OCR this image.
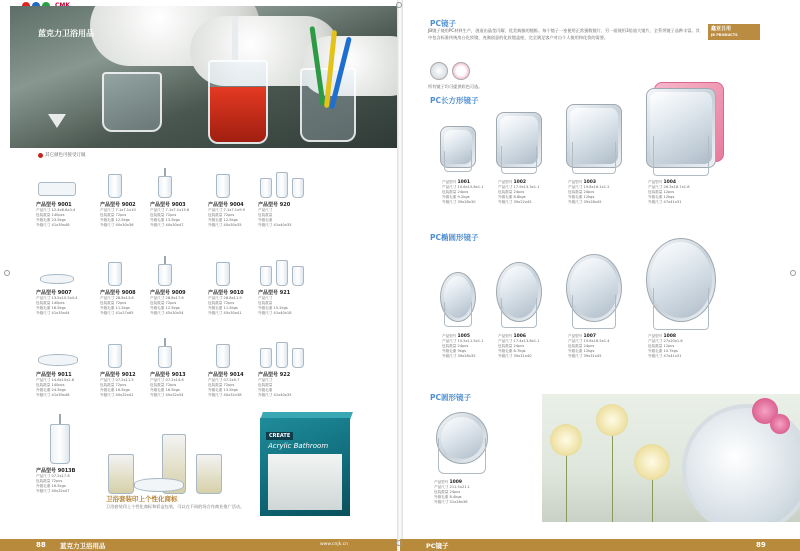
蓝克力卫浴用品
其它颜色可接受订做
产品型号 9001
产品尺寸 12.4x8.6x3.4
包装数量 140pcs
外箱毛重 23.5kgs
外箱尺寸 41x39x48
产品型号 9002
产品尺寸 7.1x7.1x10
包装数量 72pcs
外箱毛重 12.5kgs
外箱尺寸 40x30x36
产品型号 9003
产品尺寸 7.1x7.1x15.6
包装数量 72pcs
外箱毛重 13.5kgs
外箱尺寸 40x30x47
产品型号 9004
产品尺寸 7.1x7.1x9.9
包装数量 72pcs
外箱毛重 12.5kgs
外箱尺寸 40x30x35
产品型号 920
产品尺寸
包装数量
外箱毛重
外箱尺寸 41x40x35
产品型号 9007
产品尺寸 13.5x10.5x4.4
包装数量 140pcs
外箱毛重 16.5kgs
外箱尺寸 41x35x44
产品型号 9008
产品尺寸 28.8x13.6
包装数量 72pcs
外箱毛重 11.2kgs
外箱尺寸 41x27x65
产品型号 9009
产品尺寸 28.8x17.6
包装数量 72pcs
外箱毛重 12.5kgs
外箱尺寸 45x30x54
产品型号 9010
产品尺寸 28.8x11.9
包装数量 72pcs
外箱毛重 11.5kgs
外箱尺寸 45x30x41
产品型号 921
产品尺寸
包装数量
外箱毛重 15.2kgs
外箱尺寸 41x40x18
产品型号 9011
产品尺寸 14.6x10x2.6
包装数量 140pcs
外箱毛重 24.5kgs
外箱尺寸 41x39x48
产品型号 9012
产品尺寸 07.2x11.5
包装数量 72pcs
外箱毛重 16.5kgs
外箱尺寸 40x32x41
产品型号 9013
产品尺寸 07.2x14.6
包装数量 72pcs
外箱毛重 16.5kgs
外箱尺寸 40x32x54
产品型号 9014
产品尺寸 07.2x9.7
包装数量 72pcs
外箱毛重 13.5kgs
外箱尺寸 40x32x38
产品型号 922
产品尺寸
包装数量
外箱毛重
外箱尺寸 41x40x35
产品型号 9013B
产品尺寸 07.2x17.8
包装数量 72pcs
外箱毛重 16.5kgs
外箱尺寸 40x32x47
CREATE
Acrylic Bathroom
卫浴套装印上个性化商标
卫浴套装印上个性化商标和彩盒包装，可以在不同的场合作商业推广活动。
88 蓝克力卫浴用品	www.cnjk.cn
PC镜子
JB镜子使用PC材料生产，创造出晶莹闪耀、优美典雅的镜框。每个镜子一室便用正常强数镜片，另一面使用3倍放大镜片，全系列镜子品种丰富。其中包含标准传统房台化妆镜、充满创意的化妆镜盖座，完全满足客户对自个人使用和化妆的需要。
鑫亚日用
JB PRODUCTS
所有镜子均可提供彩色可选。
PC长方形镜子
产品型号 1001
产品尺寸 10.6x15.8x1.1
包装数量 24pcs
外箱毛重 9.2kgs
外箱尺寸 39x28x30
产品型号 1002
产品尺寸 17.9x13.3x1.1
包装数量 24pcs
外箱毛重 8.8kgs
外箱尺寸 39x22x45
产品型号 1003
产品尺寸 19.8x16.1x1.2
包装数量 24pcs
外箱毛重 12kgs
外箱尺寸 39x28x45
产品型号 1004
产品尺寸 26.3x18.7x1.8
包装数量 12pcs
外箱毛重 12kgs
外箱尺寸 47x41x31
PC椭圆形镜子
产品型号 1005
产品尺寸 15.5x11.5x1.1
包装数量 24pcs
外箱毛重 9kgs
外箱尺寸 39x28x35
产品型号 1006
产品尺寸 17.4x13.8x1.1
包装数量 24pcs
外箱毛重 8.7kgs
外箱尺寸 39x31x40
产品型号 1007
产品尺寸 19.8x16.5x1.4
包装数量 24pcs
外箱毛重 12kgs
外箱尺寸 39x31x45
产品型号 1008
产品尺寸 27x20x1.6
包装数量 12pcs
外箱毛重 10.7kgs
外箱尺寸 47x41x31
PC圆形镜子
产品型号 1009
产品尺寸 211.5x21.1
包装数量 24pcs
外箱毛重 8.4kgs
外箱尺寸 31x28x38
PC镜子	89
